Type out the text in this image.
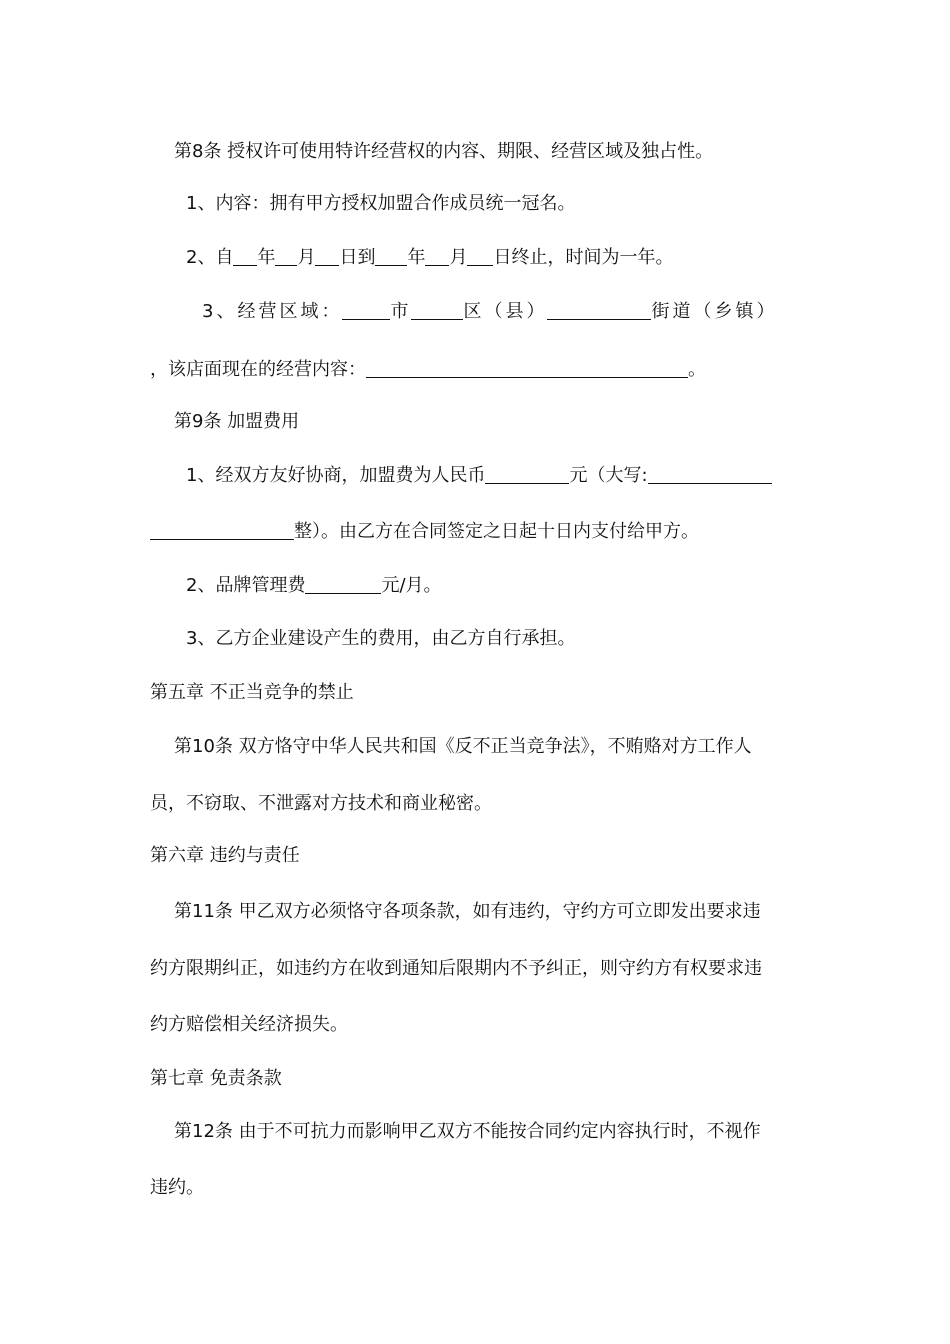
第8条 授权许可使用特许经营权的内容、期限、经营区域及独占性。
1、内容：拥有甲方授权加盟合作成员统一冠名。
2、自 年 月 日到 年 月 日终止，时间为一年。
3、经营区域：	市	区（县）	街道（乡镇）
，该店面现在的经营内容：	。
第9条 加盟费用
1、经双方友好协商，加盟费为人民币	元（大写:
整）。由乙方在合同签定之日起十日内支付给甲方。
2、品牌管理费	元/月。
3、乙方企业建设产生的费用，由乙方自行承担。
第五章 不正当竞争的禁止
第10条 双方恪守中华人民共和国《反不正当竞争法》，不贿赂对方工作人
员，不窃取、不泄露对方技术和商业秘密。
第六章 违约与责任
第11条 甲乙双方必须恪守各项条款，如有违约，守约方可立即发出要求违
约方限期纠正，如违约方在收到通知后限期内不予纠正，则守约方有权要求违
约方赔偿相关经济损失。
第七章 免责条款
第12条 由于不可抗力而影响甲乙双方不能按合同约定内容执行时，不视作
违约。
